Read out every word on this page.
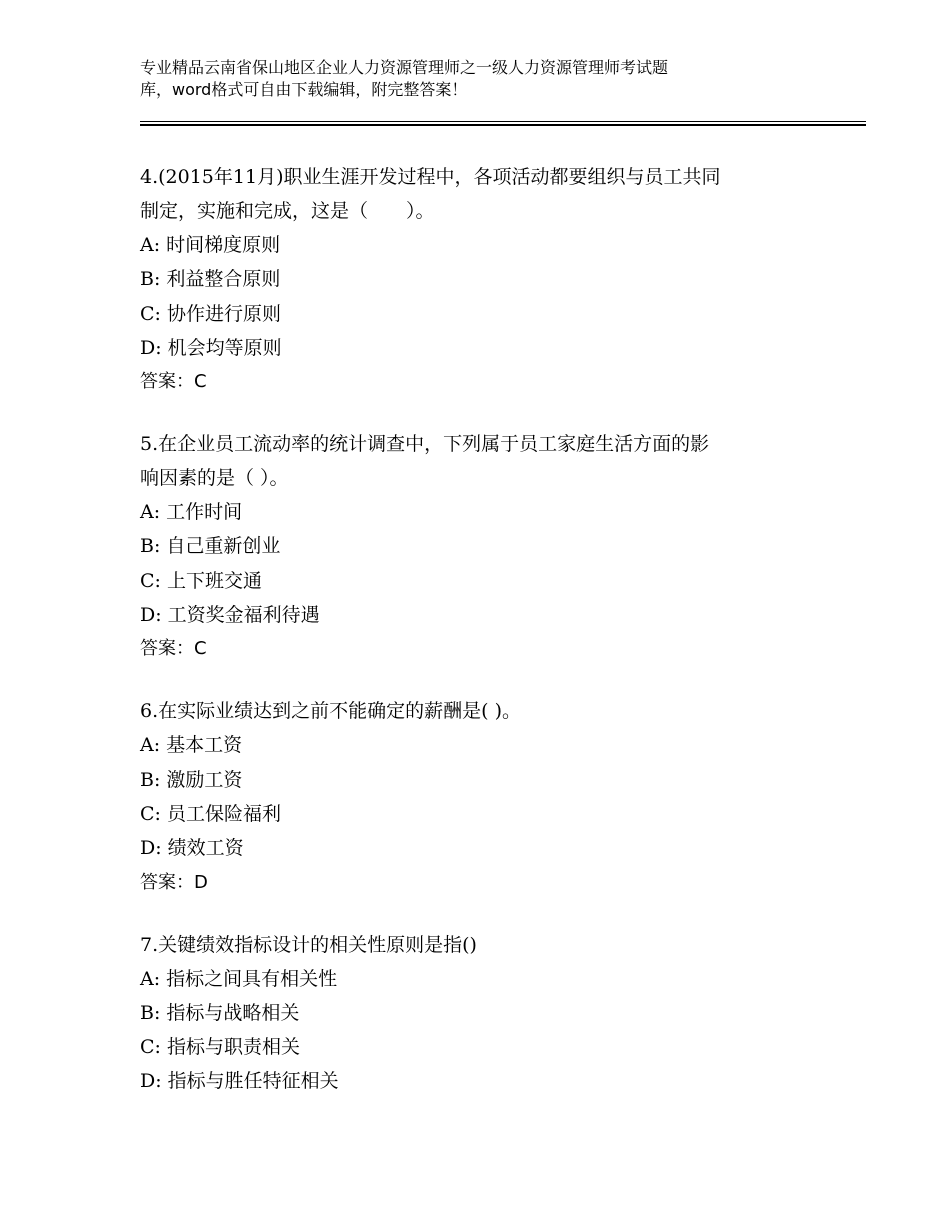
专业精品云南省保山地区企业人力资源管理师之一级人力资源管理师考试题
库，word格式可自由下载编辑，附完整答案！
4.(2015年11月)职业生涯开发过程中，各项活动都要组织与员工共同
制定，实施和完成，这是（　　）。
A: 时间梯度原则
B: 利益整合原则
C: 协作进行原则
D: 机会均等原则
答案：C
5.在企业员工流动率的统计调查中，下列属于员工家庭生活方面的影
响因素的是（ ）。
A: 工作时间
B: 自己重新创业
C: 上下班交通
D: 工资奖金福利待遇
答案：C
6.在实际业绩达到之前不能确定的薪酬是( )。
A: 基本工资
B: 激励工资
C: 员工保险福利
D: 绩效工资
答案：D
7.关键绩效指标设计的相关性原则是指()
A: 指标之间具有相关性
B: 指标与战略相关
C: 指标与职责相关
D: 指标与胜任特征相关
